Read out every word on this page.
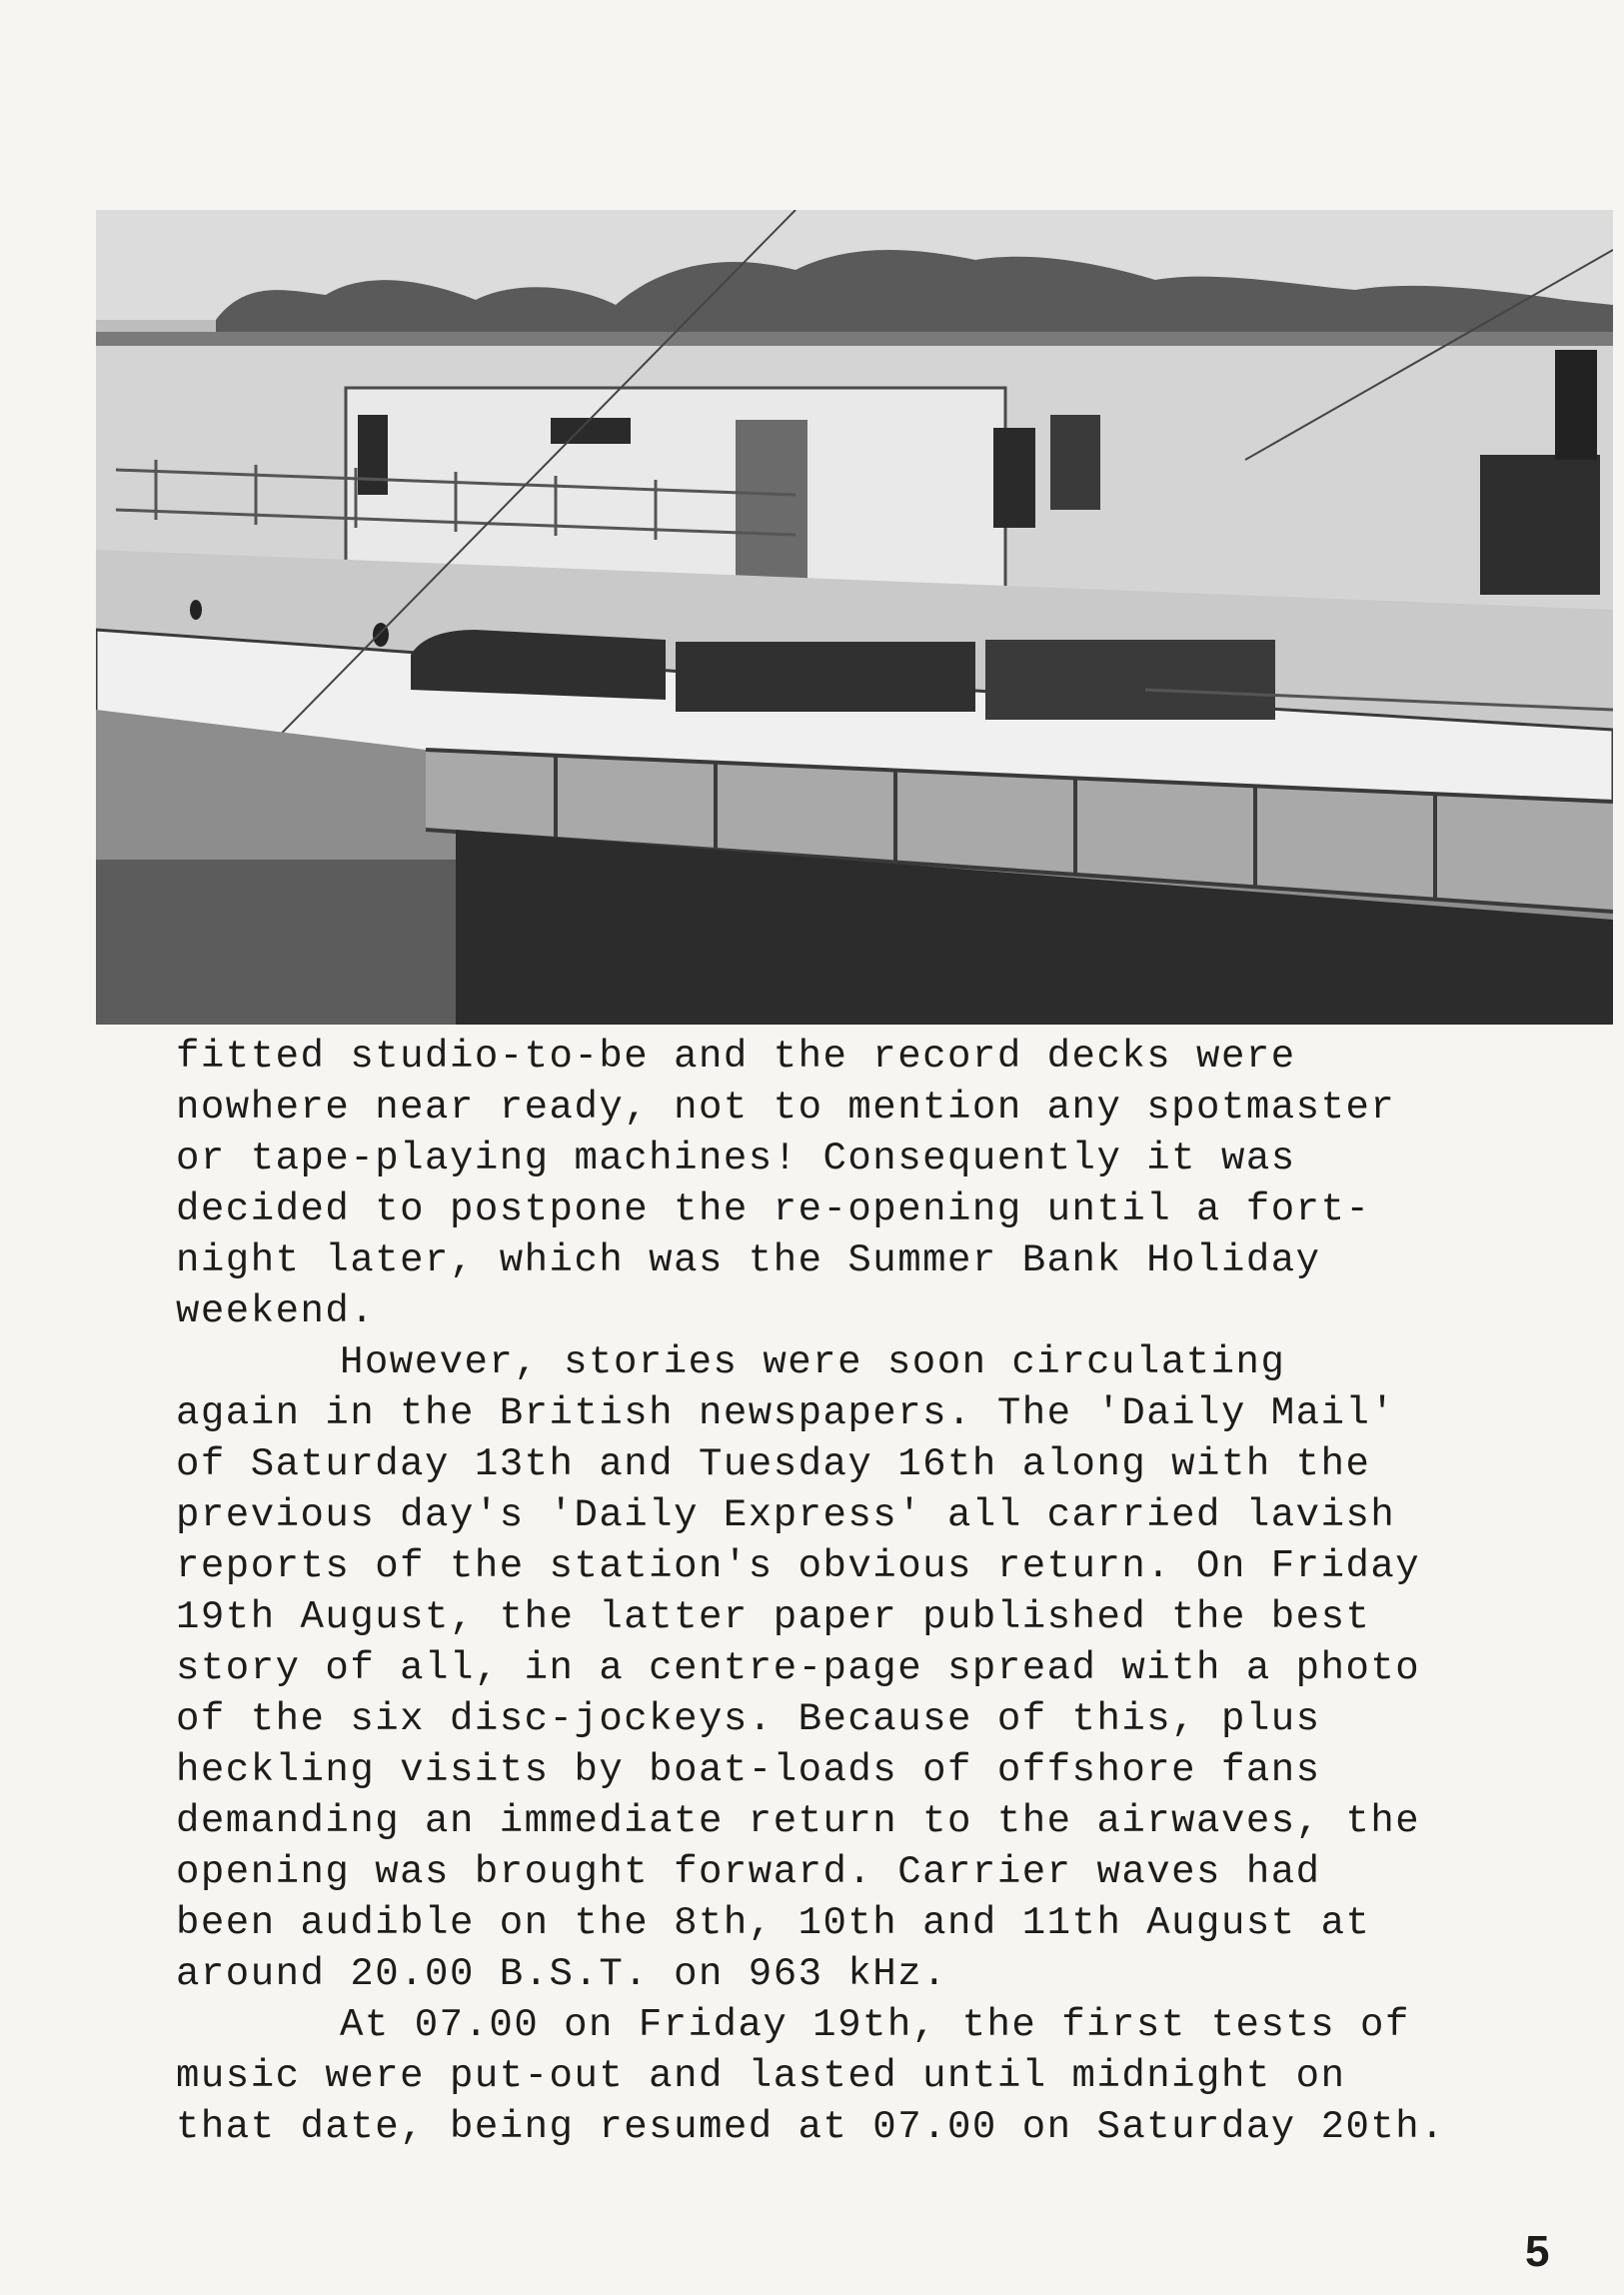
fitted studio-to-be and the record decks were

nowhere near ready, not to mention any spotmaster

or tape-playing machines! Consequently it was

decided to postpone the re-opening until a fort-

night later, which was the Summer Bank Holiday

weekend.

However, stories were soon circulating

again in the British newspapers. The 'Daily Mail'

of Saturday 13th and Tuesday 16th along with the

previous day's 'Daily Express' all carried lavish

reports of the station's obvious return. On Friday

19th August, the latter paper published the best

story of all, in a centre-page spread with a photo

of the six disc-jockeys. Because of this, plus

heckling visits by boat-loads of offshore fans

demanding an immediate return to the airwaves, the

opening was brought forward. Carrier waves had

been audible on the 8th, 10th and 11th August at

around 20.00 B.S.T. on 963 kHz.

At 07.00 on Friday 19th, the first tests of

music were put-out and lasted until midnight on

that date, being resumed at 07.00 on Saturday 20th.

5
